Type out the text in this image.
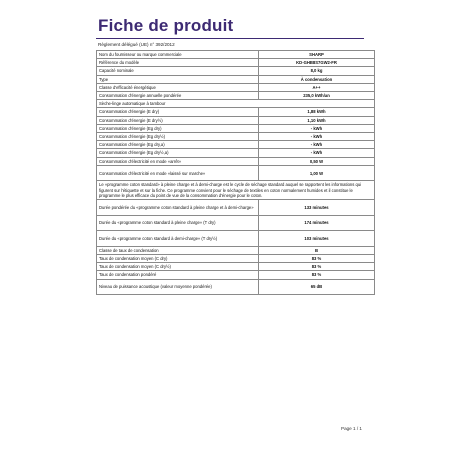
Fiche de produit
Règlement délégué (UE) n° 392/2012
Nom du fournisseur ou marque commerciale	SHARP
Référence du modèle	KD-GHB8S7GW2-FR
Capacité nominale	8,0 kg
Type	À condensation
Classe d'efficacité énergétique	A++
Consommation d'énergie annuelle pondérée	235,0 kWh/an
Sèche-linge automatique à tambour	
Consommation d'énergie (E dry)	1,88 kWh
Consommation d'énergie (E dry½)	1,10 kWh
Consommation d'énergie (Eg dry)	- kWh
Consommation d'énergie (Eg dry½)	- kWh
Consommation d'énergie (Eg dry,a)	- kWh
Consommation d'énergie (Eg dry½,a)	- kWh
Consommation d'électricité en mode «arrêt»	0,50 W
Consommation d'électricité en mode «laissé sur marche»	1,00 W
Le «programme coton standard» à pleine charge et à demi-charge est le cycle de séchage standard auquel se rapportent les informations qui figurent sur l'étiquette et sur la fiche. Ce programme convient pour le séchage de textiles en coton normalement humides et il constitue le programme le plus efficace du point de vue de la consommation d'énergie pour le coton.	
Durée pondérée du «programme coton standard à pleine charge et à demi-charge»	133 minutes
Durée du «programme coton standard à pleine charge» (T dry)	174 minutes
Durée du «programme coton standard à demi-charge» (T dry½)	103 minutes
Classe de taux de condensation	B
Taux de condensation moyen (C dry)	83 %
Taux de condensation moyen (C dry½)	83 %
Taux de condensation pondéré	83 %
Niveau de puissance acoustique (valeur moyenne pondérée)	65 dB
Page 1 / 1
